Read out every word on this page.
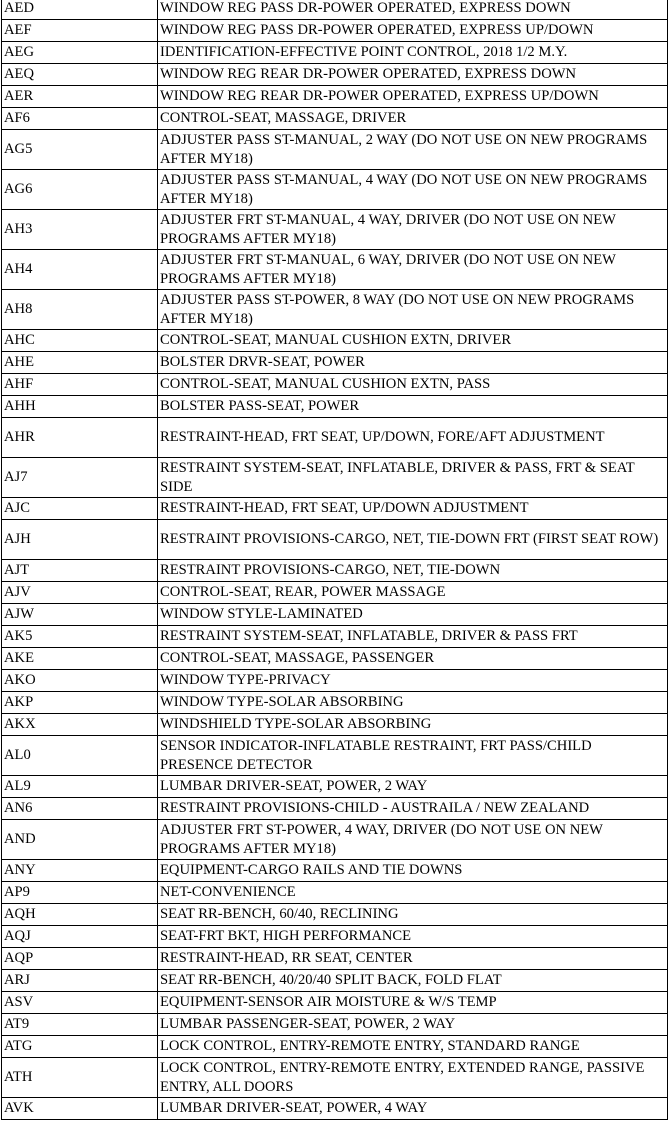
AED	WINDOW REG PASS DR-POWER OPERATED, EXPRESS DOWN
AEF	WINDOW REG PASS DR-POWER OPERATED, EXPRESS UP/DOWN
AEG	IDENTIFICATION-EFFECTIVE POINT CONTROL, 2018 1/2 M.Y.
AEQ	WINDOW REG REAR DR-POWER OPERATED, EXPRESS DOWN
AER	WINDOW REG REAR DR-POWER OPERATED, EXPRESS UP/DOWN
AF6	CONTROL-SEAT, MASSAGE, DRIVER
AG5	ADJUSTER PASS ST-MANUAL, 2 WAY (DO NOT USE ON NEW PROGRAMS AFTER MY18)
AG6	ADJUSTER PASS ST-MANUAL, 4 WAY (DO NOT USE ON NEW PROGRAMS AFTER MY18)
AH3	ADJUSTER FRT ST-MANUAL, 4 WAY, DRIVER (DO NOT USE ON NEW PROGRAMS AFTER MY18)
AH4	ADJUSTER FRT ST-MANUAL, 6 WAY, DRIVER (DO NOT USE ON NEW PROGRAMS AFTER MY18)
AH8	ADJUSTER PASS ST-POWER, 8 WAY (DO NOT USE ON NEW PROGRAMS AFTER MY18)
AHC	CONTROL-SEAT, MANUAL CUSHION EXTN, DRIVER
AHE	BOLSTER DRVR-SEAT, POWER
AHF	CONTROL-SEAT, MANUAL CUSHION EXTN, PASS
AHH	BOLSTER PASS-SEAT, POWER
AHR	RESTRAINT-HEAD, FRT SEAT, UP/DOWN, FORE/AFT ADJUSTMENT
AJ7	RESTRAINT SYSTEM-SEAT, INFLATABLE, DRIVER & PASS, FRT & SEAT SIDE
AJC	RESTRAINT-HEAD, FRT SEAT, UP/DOWN ADJUSTMENT
AJH	RESTRAINT PROVISIONS-CARGO, NET, TIE-DOWN FRT (FIRST SEAT ROW)
AJT	RESTRAINT PROVISIONS-CARGO, NET, TIE-DOWN
AJV	CONTROL-SEAT, REAR, POWER MASSAGE
AJW	WINDOW STYLE-LAMINATED
AK5	RESTRAINT SYSTEM-SEAT, INFLATABLE, DRIVER & PASS FRT
AKE	CONTROL-SEAT, MASSAGE, PASSENGER
AKO	WINDOW TYPE-PRIVACY
AKP	WINDOW TYPE-SOLAR ABSORBING
AKX	WINDSHIELD TYPE-SOLAR ABSORBING
AL0	SENSOR INDICATOR-INFLATABLE RESTRAINT, FRT PASS/CHILD PRESENCE DETECTOR
AL9	LUMBAR DRIVER-SEAT, POWER, 2 WAY
AN6	RESTRAINT PROVISIONS-CHILD - AUSTRAILA / NEW ZEALAND
AND	ADJUSTER FRT ST-POWER, 4 WAY, DRIVER (DO NOT USE ON NEW PROGRAMS AFTER MY18)
ANY	EQUIPMENT-CARGO RAILS AND TIE DOWNS
AP9	NET-CONVENIENCE
AQH	SEAT RR-BENCH, 60/40, RECLINING
AQJ	SEAT-FRT BKT, HIGH PERFORMANCE
AQP	RESTRAINT-HEAD, RR SEAT, CENTER
ARJ	SEAT RR-BENCH, 40/20/40 SPLIT BACK, FOLD FLAT
ASV	EQUIPMENT-SENSOR AIR MOISTURE & W/S TEMP
AT9	LUMBAR PASSENGER-SEAT, POWER, 2 WAY
ATG	LOCK CONTROL, ENTRY-REMOTE ENTRY, STANDARD RANGE
ATH	LOCK CONTROL, ENTRY-REMOTE ENTRY, EXTENDED RANGE, PASSIVE ENTRY, ALL DOORS
AVK	LUMBAR DRIVER-SEAT, POWER, 4 WAY
